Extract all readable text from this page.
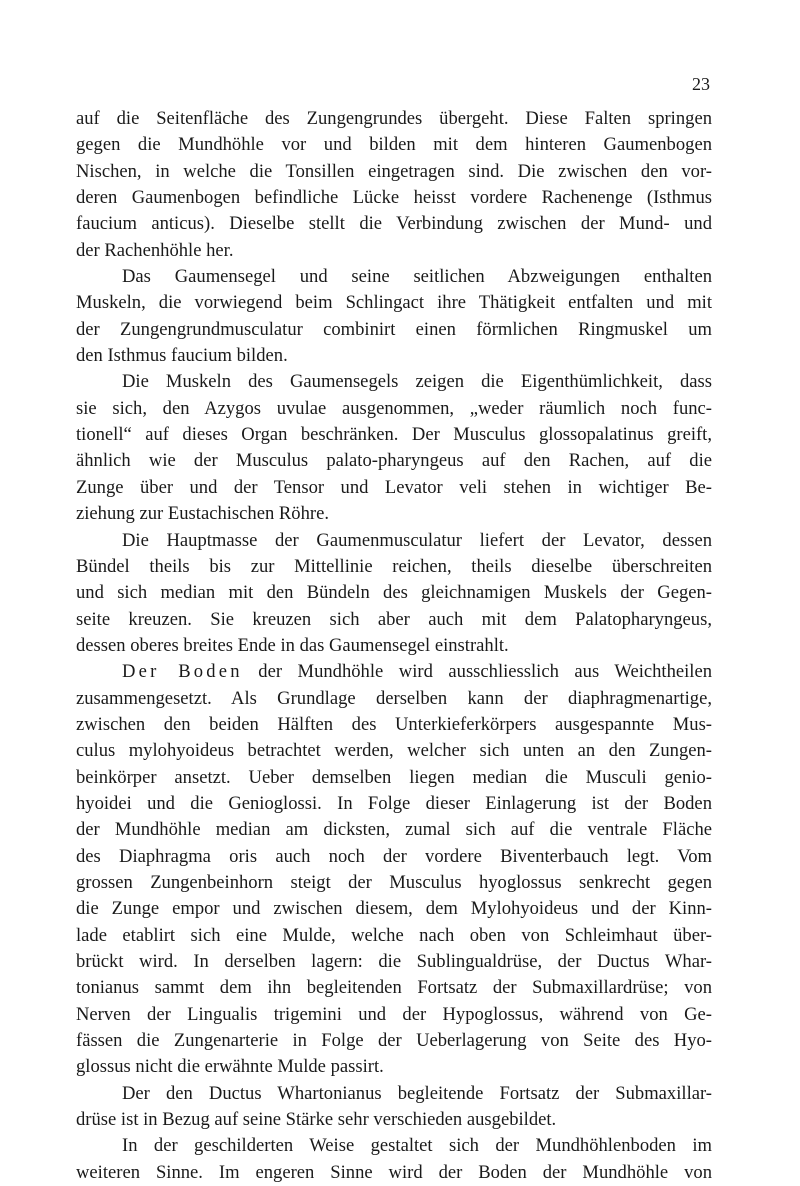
23
auf die Seitenfläche des Zungengrundes übergeht. Diese Falten springen
gegen die Mundhöhle vor und bilden mit dem hinteren Gaumenbogen
Nischen, in welche die Tonsillen eingetragen sind. Die zwischen den vor-
deren Gaumenbogen befindliche Lücke heisst vordere Rachenenge (Isthmus
faucium anticus). Dieselbe stellt die Verbindung zwischen der Mund- und
der Rachenhöhle her.
Das Gaumensegel und seine seitlichen Abzweigungen enthalten
Muskeln, die vorwiegend beim Schlingact ihre Thätigkeit entfalten und mit
der Zungengrundmusculatur combinirt einen förmlichen Ringmuskel um
den Isthmus faucium bilden.
Die Muskeln des Gaumensegels zeigen die Eigenthümlichkeit, dass
sie sich, den Azygos uvulae ausgenommen, „weder räumlich noch func-
tionell“ auf dieses Organ beschränken. Der Musculus glossopalatinus greift,
ähnlich wie der Musculus palato-pharyngeus auf den Rachen, auf die
Zunge über und der Tensor und Levator veli stehen in wichtiger Be-
ziehung zur Eustachischen Röhre.
Die Hauptmasse der Gaumenmusculatur liefert der Levator, dessen
Bündel theils bis zur Mittellinie reichen, theils dieselbe überschreiten
und sich median mit den Bündeln des gleichnamigen Muskels der Gegen-
seite kreuzen. Sie kreuzen sich aber auch mit dem Palatopharyngeus,
dessen oberes breites Ende in das Gaumensegel einstrahlt.
Der Boden der Mundhöhle wird ausschliesslich aus Weichtheilen
zusammengesetzt. Als Grundlage derselben kann der diaphragmenartige,
zwischen den beiden Hälften des Unterkieferkörpers ausgespannte Mus-
culus mylohyoideus betrachtet werden, welcher sich unten an den Zungen-
beinkörper ansetzt. Ueber demselben liegen median die Musculi genio-
hyoidei und die Genioglossi. In Folge dieser Einlagerung ist der Boden
der Mundhöhle median am dicksten, zumal sich auf die ventrale Fläche
des Diaphragma oris auch noch der vordere Biventerbauch legt. Vom
grossen Zungenbeinhorn steigt der Musculus hyoglossus senkrecht gegen
die Zunge empor und zwischen diesem, dem Mylohyoideus und der Kinn-
lade etablirt sich eine Mulde, welche nach oben von Schleimhaut über-
brückt wird. In derselben lagern: die Sublingualdrüse, der Ductus Whar-
tonianus sammt dem ihn begleitenden Fortsatz der Submaxillardrüse; von
Nerven der Lingualis trigemini und der Hypoglossus, während von Ge-
fässen die Zungenarterie in Folge der Ueberlagerung von Seite des Hyo-
glossus nicht die erwähnte Mulde passirt.
Der den Ductus Whartonianus begleitende Fortsatz der Submaxillar-
drüse ist in Bezug auf seine Stärke sehr verschieden ausgebildet.
In der geschilderten Weise gestaltet sich der Mundhöhlenboden im
weiteren Sinne. Im engeren Sinne wird der Boden der Mundhöhle von
